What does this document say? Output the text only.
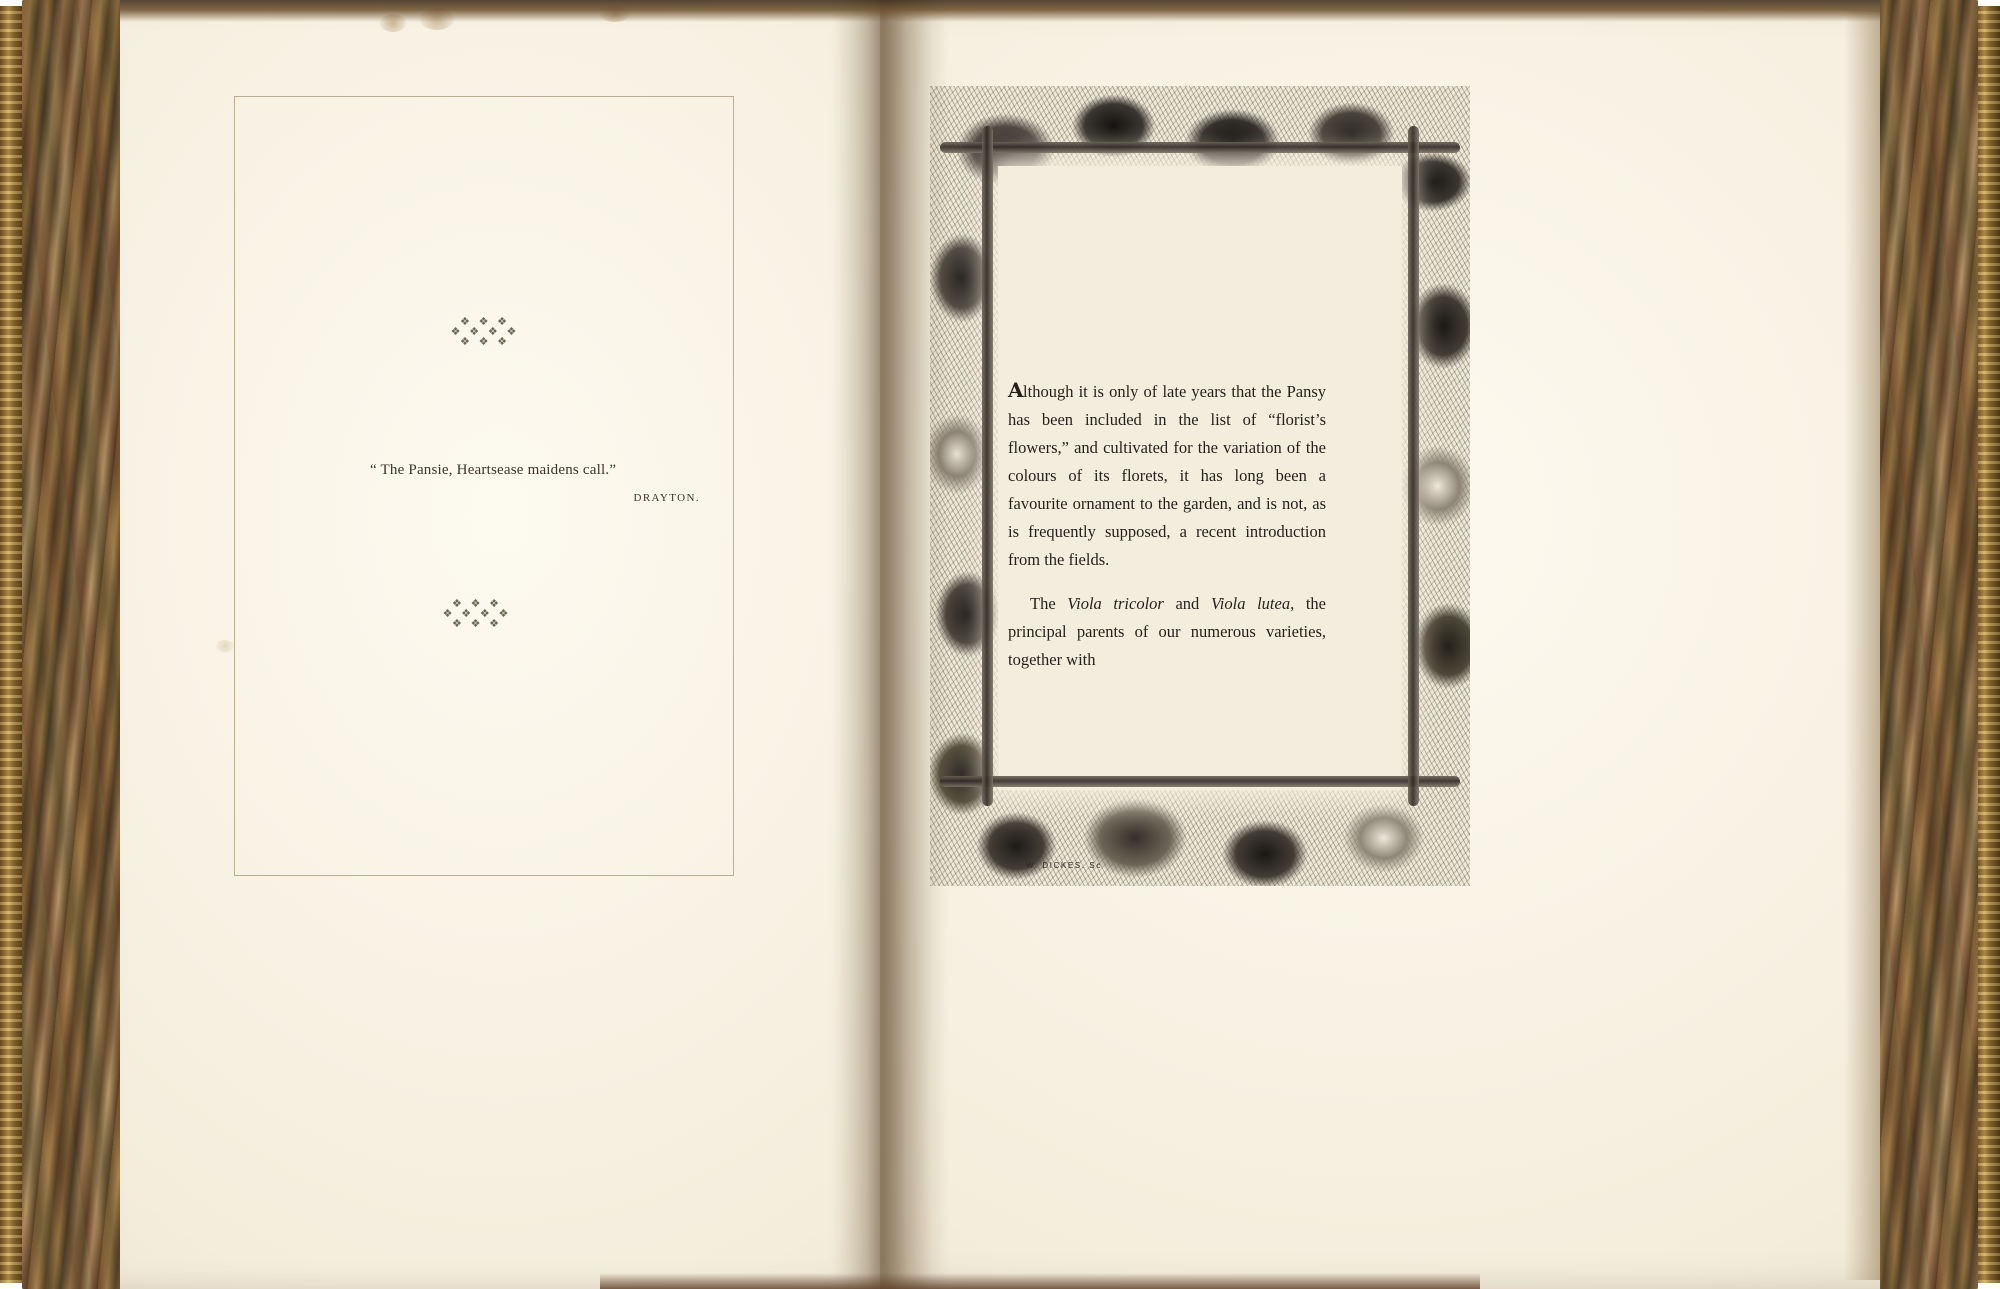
❖ ❖ ❖
❖ ❖ ❖ ❖
❖ ❖ ❖
“ The Pansie, Heartsease maidens call.”
DRAYTON.
❖ ❖ ❖
❖ ❖ ❖ ❖
❖ ❖ ❖

Although it is only of late years that the Pansy has been included in the list of “florist’s flowers,” and cultivated for the variation of the colours of its florets, it has long been a favourite ornament to the garden, and is not, as is frequently supposed, a recent introduction from the fields.

The Viola tricolor and Viola lutea, the principal parents of our numerous varieties, together with

W. DICKES. Sc
